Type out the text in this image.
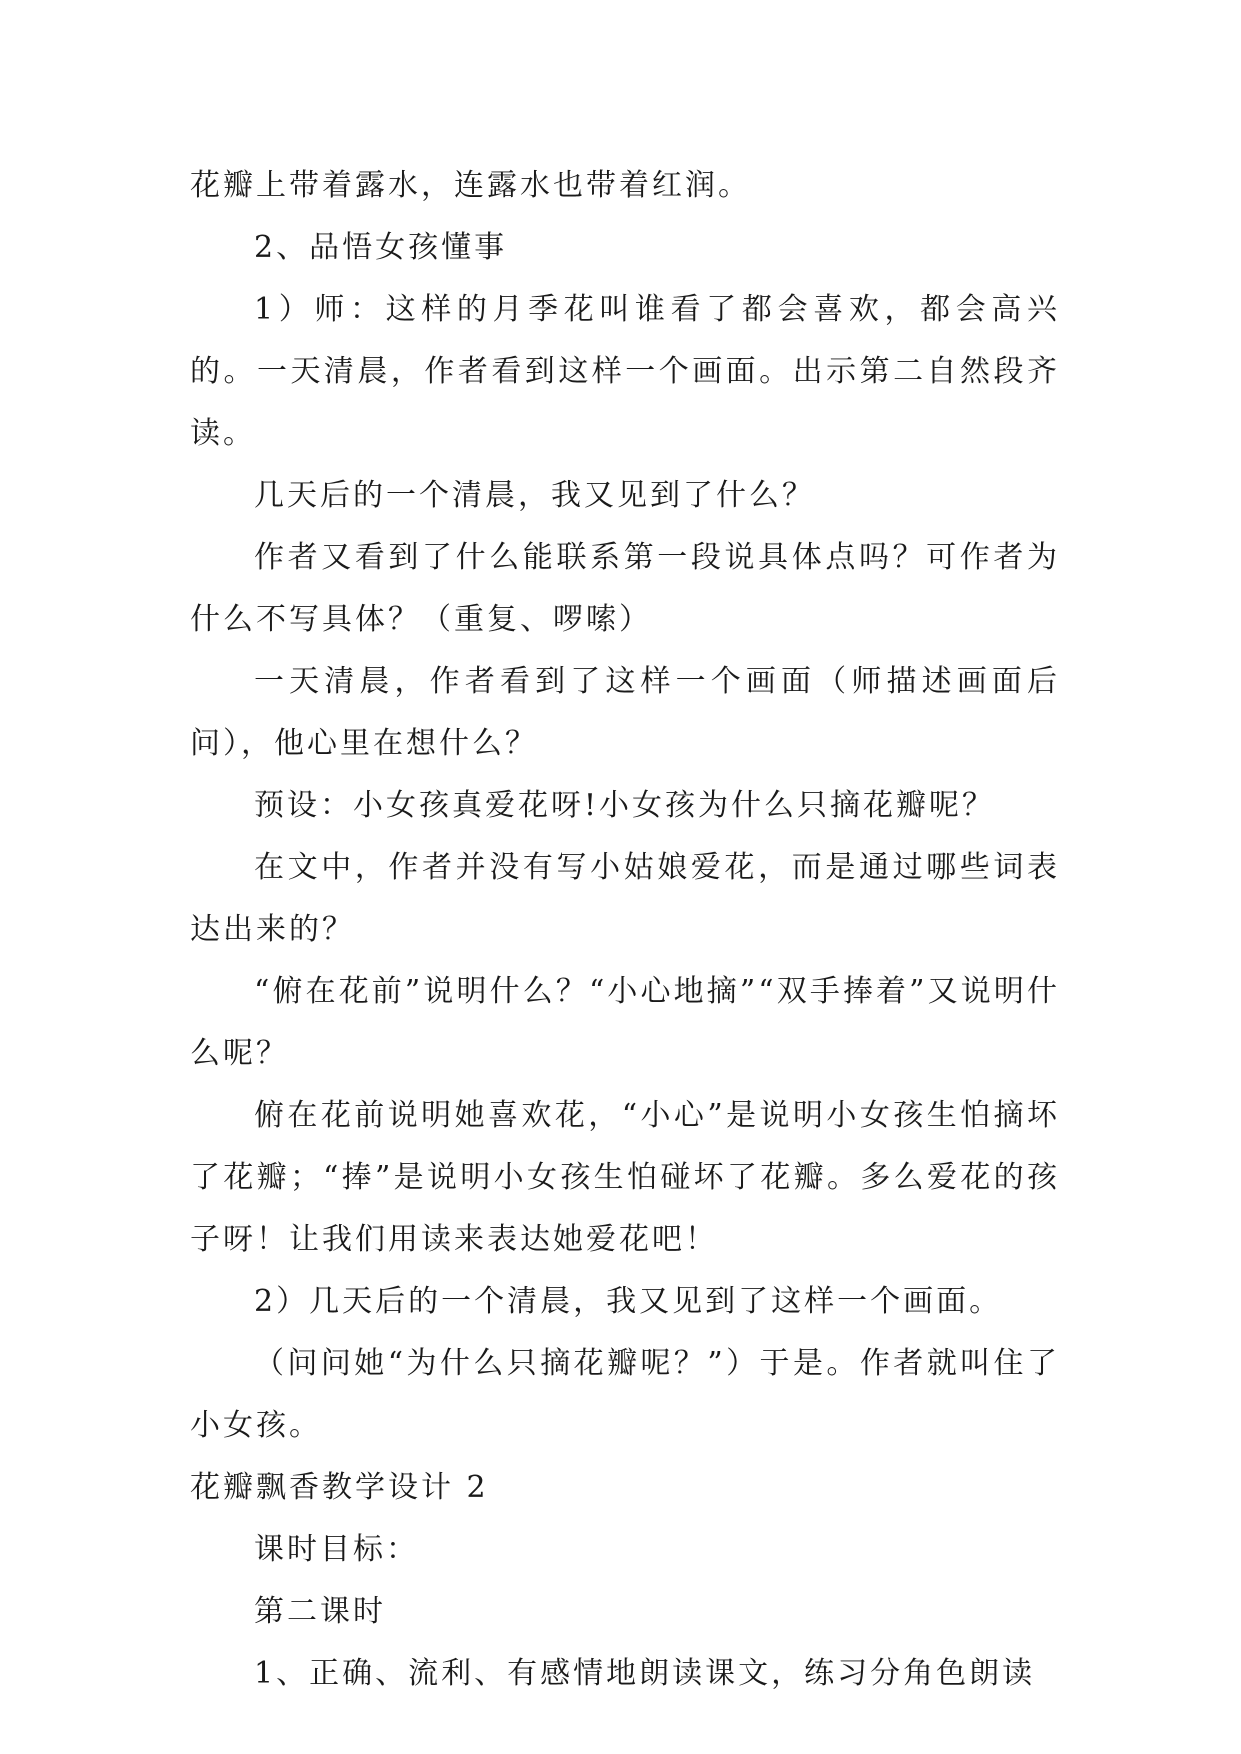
花瓣上带着露水，连露水也带着红润。

2、品悟女孩懂事

1）师：这样的月季花叫谁看了都会喜欢，都会高兴的。一天清晨，作者看到这样一个画面。出示第二自然段齐读。

几天后的一个清晨，我又见到了什么？

作者又看到了什么能联系第一段说具体点吗？可作者为什么不写具体？（重复、啰嗦）

一天清晨，作者看到了这样一个画面（师描述画面后问），他心里在想什么？

预设：小女孩真爱花呀!小女孩为什么只摘花瓣呢？

在文中，作者并没有写小姑娘爱花，而是通过哪些词表达出来的？

“俯在花前”说明什么？“小心地摘”“双手捧着”又说明什么呢？

俯在花前说明她喜欢花，“小心”是说明小女孩生怕摘坏了花瓣；“捧”是说明小女孩生怕碰坏了花瓣。多么爱花的孩子呀！让我们用读来表达她爱花吧！

2）几天后的一个清晨，我又见到了这样一个画面。

（问问她“为什么只摘花瓣呢？”）于是。作者就叫住了小女孩。

花瓣飘香教学设计 2

课时目标：

第二课时

1、正确、流利、有感情地朗读课文，练习分角色朗读
